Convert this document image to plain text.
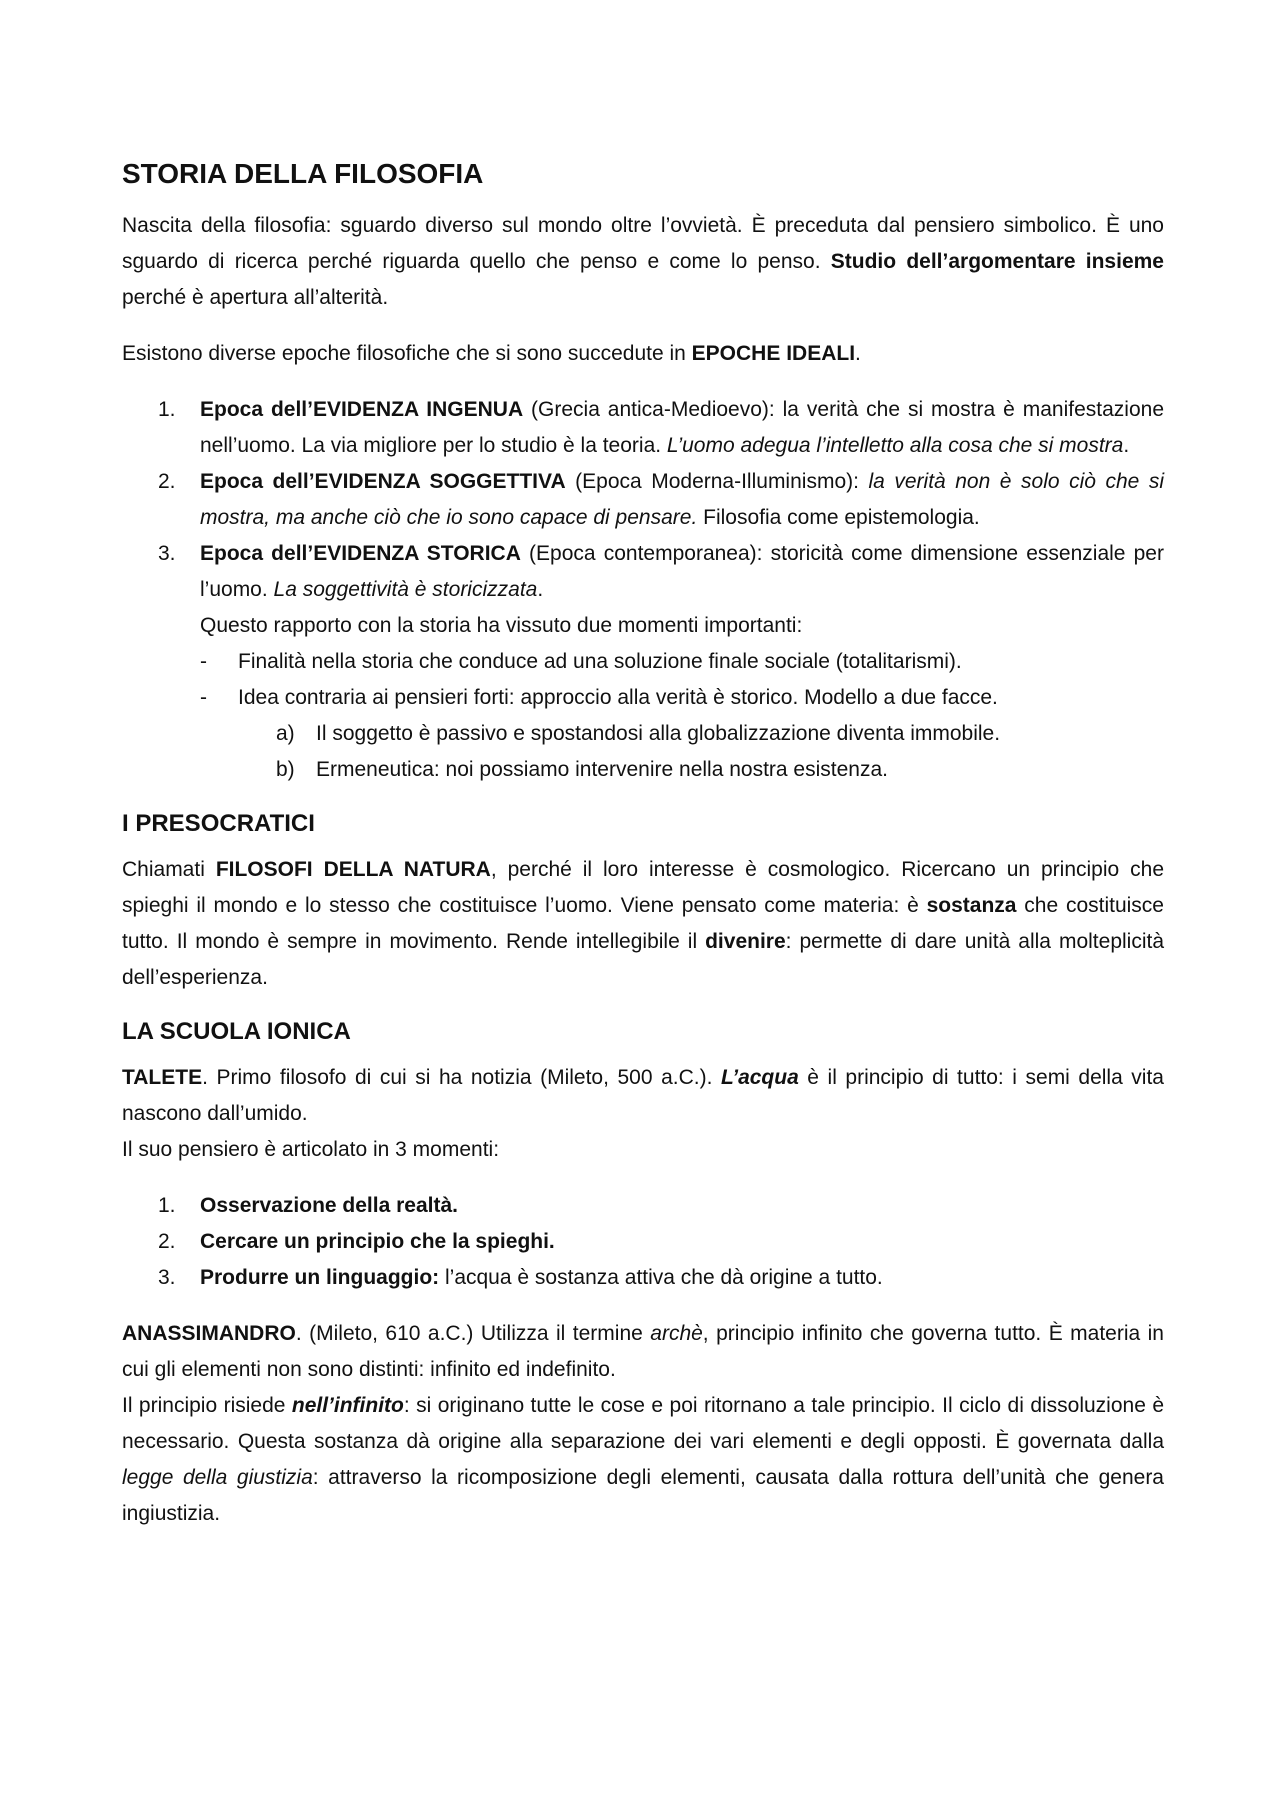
STORIA DELLA FILOSOFIA

Nascita della filosofia: sguardo diverso sul mondo oltre l’ovvietà. È preceduta dal pensiero simbolico. È uno sguardo di ricerca perché riguarda quello che penso e come lo penso. Studio dell’argomentare insieme perché è apertura all’alterità.

Esistono diverse epoche filosofiche che si sono succedute in EPOCHE IDEALI.

1. Epoca dell’EVIDENZA INGENUA (Grecia antica-Medioevo): la verità che si mostra è manifestazione nell’uomo. La via migliore per lo studio è la teoria. L’uomo adegua l’intelletto alla cosa che si mostra.
2. Epoca dell’EVIDENZA SOGGETTIVA (Epoca Moderna-Illuminismo): la verità non è solo ciò che si mostra, ma anche ciò che io sono capace di pensare. Filosofia come epistemologia.
3. Epoca dell’EVIDENZA STORICA (Epoca contemporanea): storicità come dimensione essenziale per l’uomo. La soggettività è storicizzata.
Questo rapporto con la storia ha vissuto due momenti importanti:
- Finalità nella storia che conduce ad una soluzione finale sociale (totalitarismi).
- Idea contraria ai pensieri forti: approccio alla verità è storico. Modello a due facce.
a) Il soggetto è passivo e spostandosi alla globalizzazione diventa immobile.
b) Ermeneutica: noi possiamo intervenire nella nostra esistenza.
I PRESOCRATICI

Chiamati FILOSOFI DELLA NATURA, perché il loro interesse è cosmologico. Ricercano un principio che spieghi il mondo e lo stesso che costituisce l’uomo. Viene pensato come materia: è sostanza che costituisce tutto. Il mondo è sempre in movimento. Rende intellegibile il divenire: permette di dare unità alla molteplicità dell’esperienza.

LA SCUOLA IONICA

TALETE. Primo filosofo di cui si ha notizia (Mileto, 500 a.C.). L’acqua è il principio di tutto: i semi della vita nascono dall’umido.

Il suo pensiero è articolato in 3 momenti:

1. Osservazione della realtà.
2. Cercare un principio che la spieghi.
3. Produrre un linguaggio: l’acqua è sostanza attiva che dà origine a tutto.

ANASSIMANDRO. (Mileto, 610 a.C.) Utilizza il termine archè, principio infinito che governa tutto. È materia in cui gli elementi non sono distinti: infinito ed indefinito.

Il principio risiede nell’infinito: si originano tutte le cose e poi ritornano a tale principio. Il ciclo di dissoluzione è necessario. Questa sostanza dà origine alla separazione dei vari elementi e degli opposti. È governata dalla legge della giustizia: attraverso la ricomposizione degli elementi, causata dalla rottura dell’unità che genera ingiustizia.
